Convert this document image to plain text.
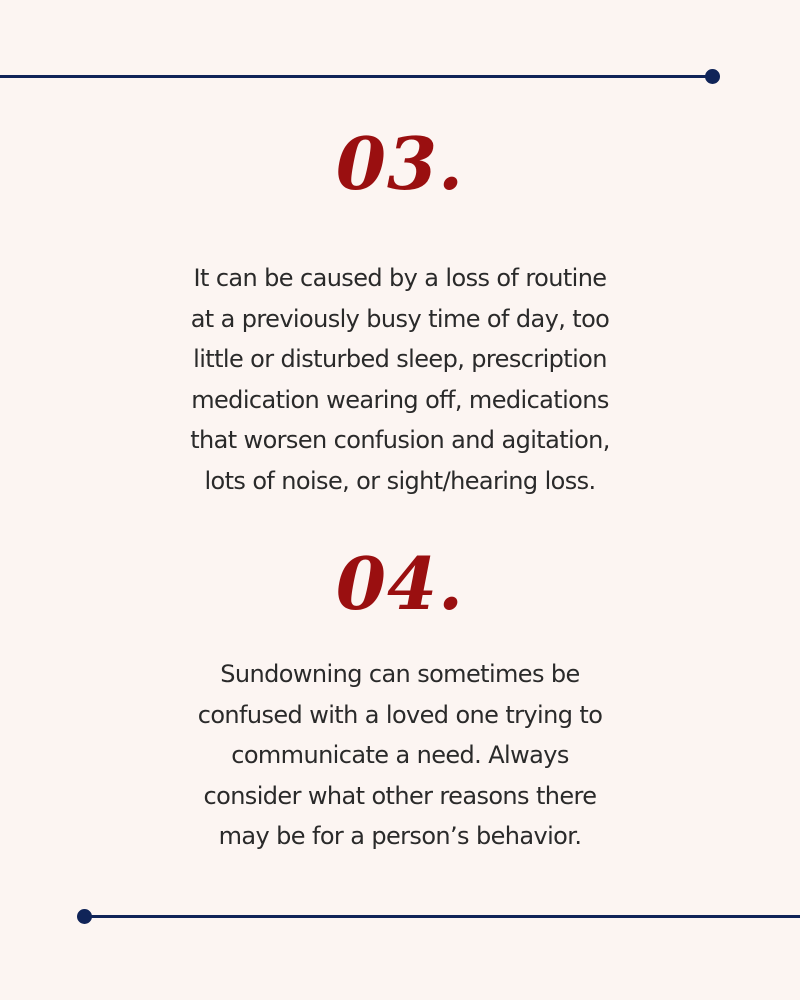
03.

It can be caused by a loss of routine
at a previously busy time of day, too
little or disturbed sleep, prescription
medication wearing off, medications
that worsen confusion and agitation,
lots of noise, or sight/hearing loss.

04.

Sundowning can sometimes be
confused with a loved one trying to
communicate a need. Always
consider what other reasons there
may be for a person’s behavior.
